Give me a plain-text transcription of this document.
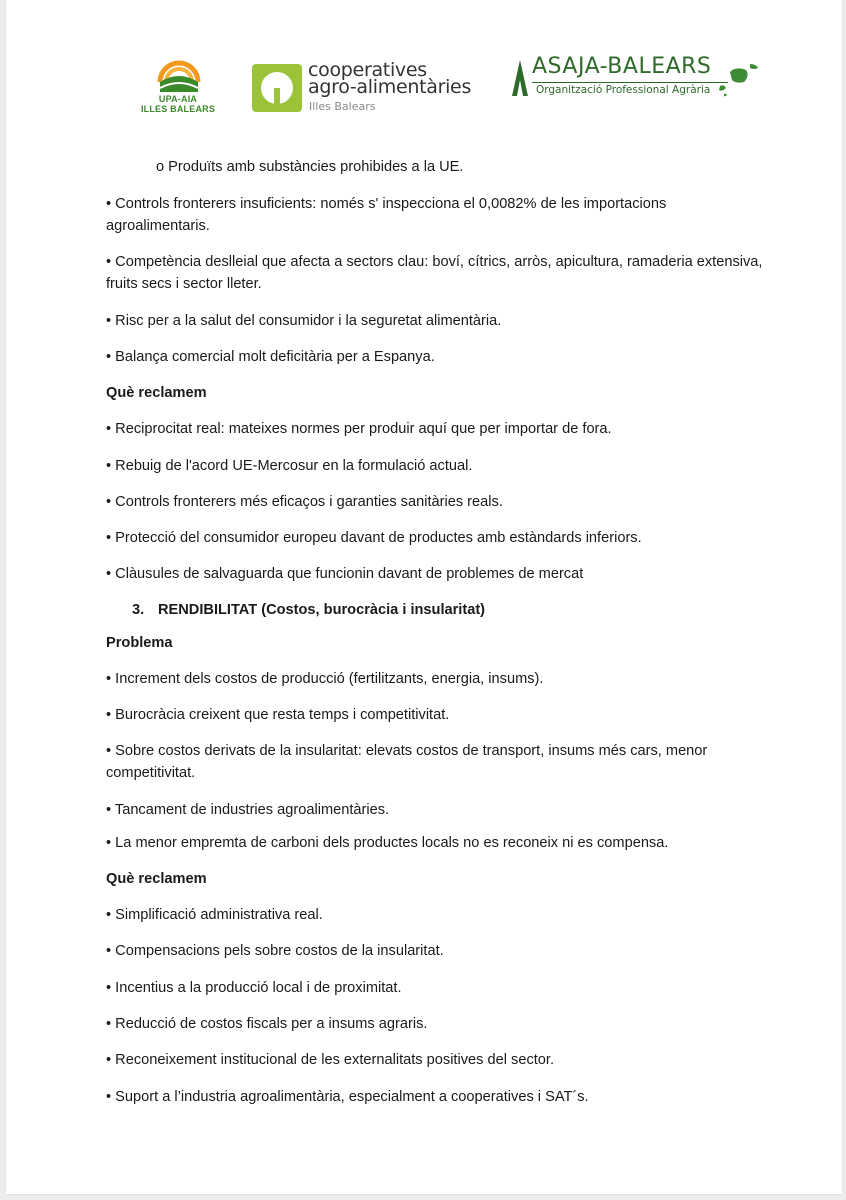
UPA-AIA
ILLES BALEARS
cooperatives
agro-alimentàries
Illes Balears
ASAJA-BALEARS
Organització Professional Agrària
o Produïts amb substàncies prohibides a la UE.
• Controls fronterers insuficients: només s' inspecciona el 0,0082% de les importacions agroalimentaris.
• Competència deslleial que afecta a sectors clau: boví, cítrics, arròs, apicultura, ramaderia extensiva, fruits secs i sector lleter.
• Risc per a la salut del consumidor i la seguretat alimentària.
• Balança comercial molt deficitària per a Espanya.
Què reclamem
• Reciprocitat real: mateixes normes per produir aquí que per importar de fora.
• Rebuig de l'acord UE-Mercosur en la formulació actual.
• Controls fronterers més eficaços i garanties sanitàries reals.
• Protecció del consumidor europeu davant de productes amb estàndards inferiors.
• Clàusules de salvaguarda que funcionin davant de problemes de mercat
3. RENDIBILITAT (Costos, burocràcia i insularitat)
Problema
• Increment dels costos de producció (fertilitzants, energia, insums).
• Burocràcia creixent que resta temps i competitivitat.
• Sobre costos derivats de la insularitat: elevats costos de transport, insums més cars, menor competitivitat.
• Tancament de industries agroalimentàries.
• La menor empremta de carboni dels productes locals no es reconeix ni es compensa.
Què reclamem
• Simplificació administrativa real.
• Compensacions pels sobre costos de la insularitat.
• Incentius a la producció local i de proximitat.
• Reducció de costos fiscals per a insums agraris.
• Reconeixement institucional de les externalitats positives del sector.
• Suport a l’industria agroalimentària, especialment a cooperatives i SAT´s.
